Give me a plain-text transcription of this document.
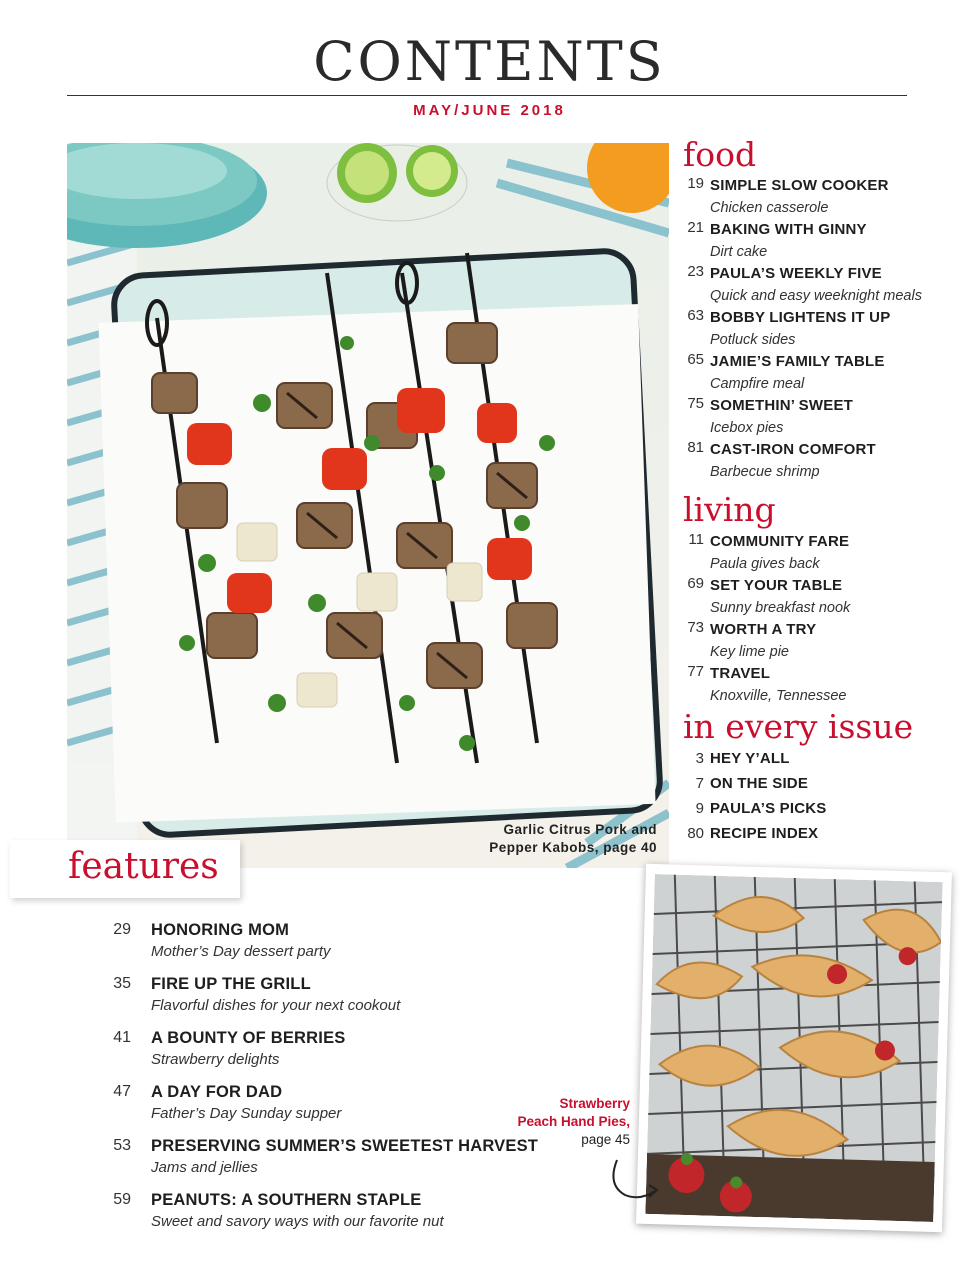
CONTENTS
MAY/JUNE 2018
Garlic Citrus Pork and
Pepper Kabobs, page 40
food
19 SIMPLE SLOW COOKER
Chicken casserole
21 BAKING WITH GINNY
Dirt cake
23 PAULA’S WEEKLY FIVE
Quick and easy weeknight meals
63 BOBBY LIGHTENS IT UP
Potluck sides
65 JAMIE’S FAMILY TABLE
Campfire meal
75 SOMETHIN’ SWEET
Icebox pies
81 CAST-IRON COMFORT
Barbecue shrimp
living
11 COMMUNITY FARE
Paula gives back
69 SET YOUR TABLE
Sunny breakfast nook
73 WORTH A TRY
Key lime pie
77 TRAVEL
Knoxville, Tennessee
in every issue
3 HEY Y’ALL
7 ON THE SIDE
9 PAULA’S PICKS
80 RECIPE INDEX
features
29 HONORING MOM
Mother’s Day dessert party
35 FIRE UP THE GRILL
Flavorful dishes for your next cookout
41 A BOUNTY OF BERRIES
Strawberry delights
47 A DAY FOR DAD
Father’s Day Sunday supper
53 PRESERVING SUMMER’S SWEETEST HARVEST
Jams and jellies
59 PEANUTS: A SOUTHERN STAPLE
Sweet and savory ways with our favorite nut
Strawberry
Peach Hand Pies,
page 45
